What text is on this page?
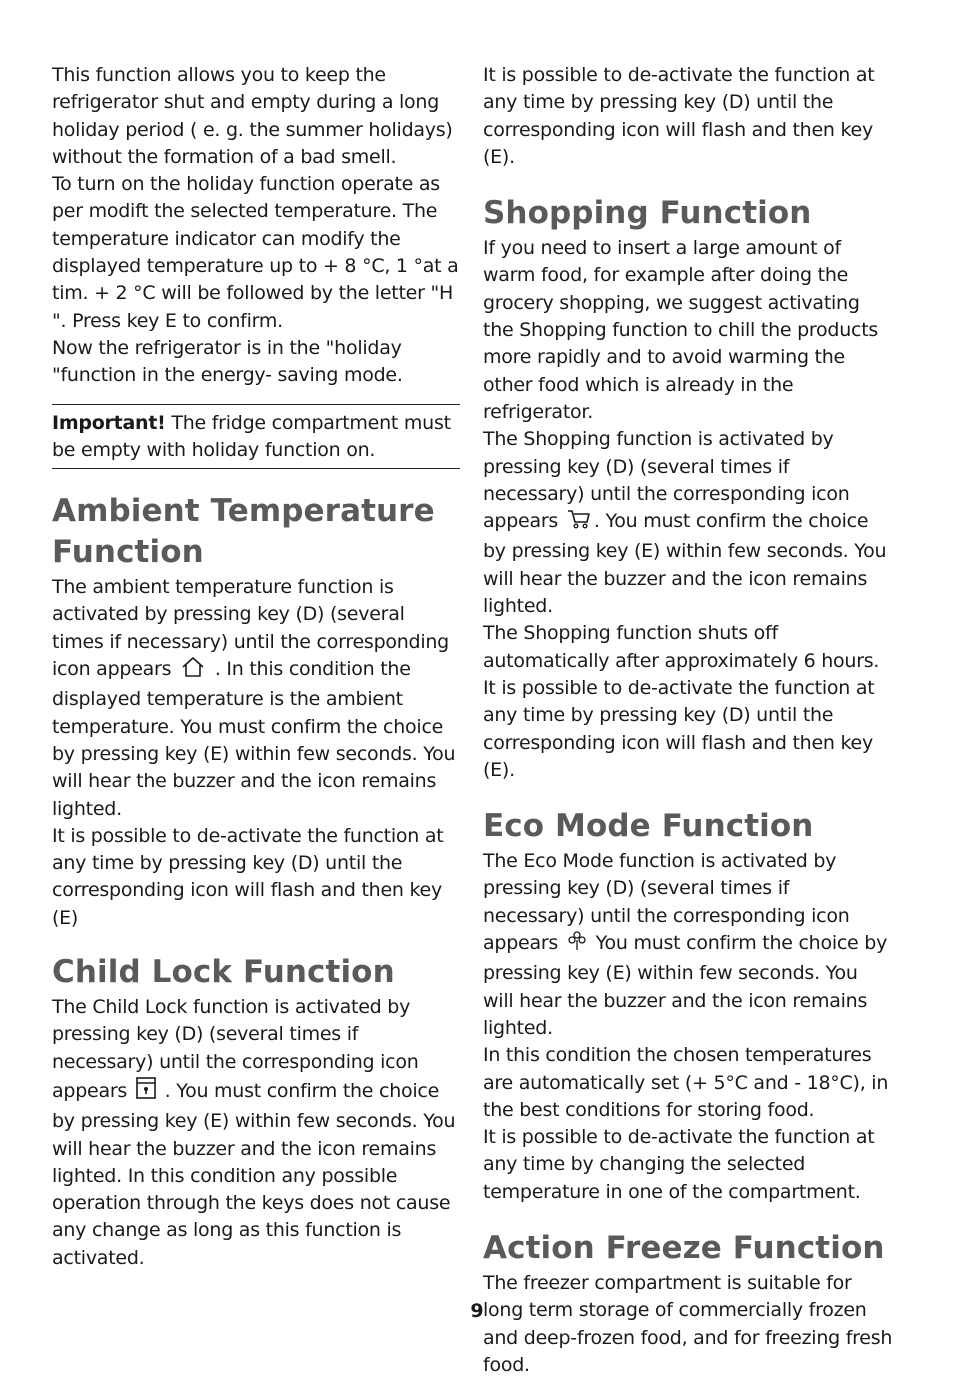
This function allows you to keep the refrigerator shut and empty during a long holiday period ( e. g. the summer holidays) without the formation of a bad smell.

To turn on the holiday function operate as per modift the selected temperature. The temperature indicator can modify the displayed temperature up to + 8 °C, 1 °at a tim. + 2 °C will be followed by the letter "H ". Press key E to confirm.

Now the refrigerator is in the "holiday "function in the energy- saving mode.

Important! The fridge compartment must be empty with holiday function on.

Ambient Temperature Function

The ambient temperature function is activated by pressing key (D) (several times if necessary) until the corresponding icon appears . In this condition the displayed temperature is the ambient temperature. You must confirm the choice by pressing key (E) within few seconds. You will hear the buzzer and the icon remains lighted.

It is possible to de-activate the function at any time by pressing key (D) until the corresponding icon will flash and then key (E)

Child Lock Function

The Child Lock function is activated by pressing key (D) (several times if necessary) until the corresponding icon appears . You must confirm the choice by pressing key (E) within few seconds. You will hear the buzzer and the icon remains lighted. In this condition any possible operation through the keys does not cause any change as long as this function is activated.

It is possible to de-activate the function at any time by pressing key (D) until the corresponding icon will flash and then key (E).

Shopping Function

If you need to insert a large amount of warm food, for example after doing the grocery shopping, we suggest activating the Shopping function to chill the products more rapidly and to avoid warming the other food which is already in the refrigerator.

The Shopping function is activated by pressing key (D) (several times if necessary) until the corresponding icon appears . You must confirm the choice by pressing key (E) within few seconds. You will hear the buzzer and the icon remains lighted.

The Shopping function shuts off automatically after approximately 6 hours. It is possible to de-activate the function at any time by pressing key (D) until the corresponding icon will flash and then key (E).

Eco Mode Function

The Eco Mode function is activated by pressing key (D) (several times if necessary) until the corresponding icon appears You must confirm the choice by pressing key (E) within few seconds. You will hear the buzzer and the icon remains lighted.

In this condition the chosen temperatures are automatically set (+ 5°C and - 18°C), in the best conditions for storing food.

It is possible to de-activate the function at any time by changing the selected temperature in one of the compartment.

Action Freeze Function

The freezer compartment is suitable for long term storage of commercially frozen and deep-frozen food, and for freezing fresh food.

9
